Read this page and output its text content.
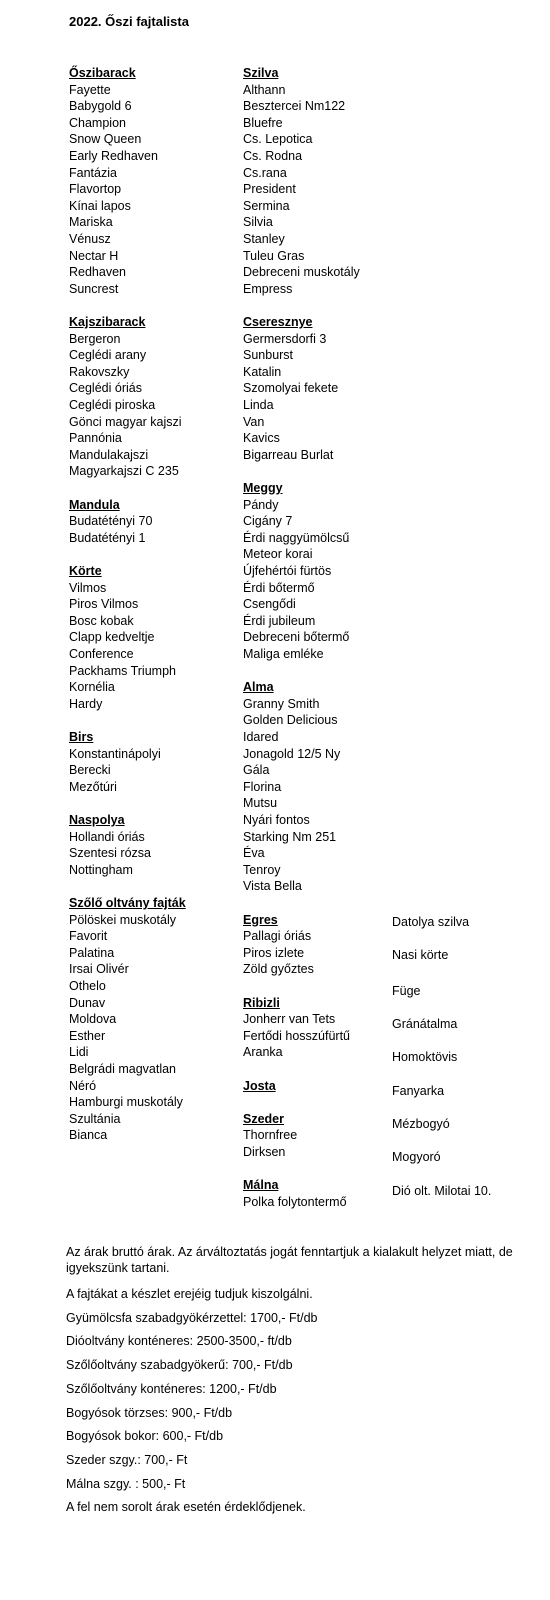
2022. Őszi fajtalista
Őszibarack
Fayette
Babygold 6
Champion
Snow Queen
Early Redhaven
Fantázia
Flavortop
Kínai lapos
Mariska
Vénusz
Nectar H
Redhaven
Suncrest
Kajszibarack
Bergeron
Ceglédi arany
Rakovszky
Ceglédi óriás
Ceglédi piroska
Gönci magyar kajszi
Pannónia
Mandulakajszi
Magyarkajszi C 235
Mandula
Budatétényi 70
Budatétényi 1
Körte
Vilmos
Piros Vilmos
Bosc kobak
Clapp kedveltje
Conference
Packhams Triumph
Kornélia
Hardy
Birs
Konstantinápolyi
Berecki
Mezőtúri
Naspolya
Hollandi óriás
Szentesi rózsa
Nottingham
Szőlő oltvány fajták
Pölöskei muskotály
Favorit
Palatina
Irsai Olivér
Othelo
Dunav
Moldova
Esther
Lidi
Belgrádi magvatlan
Néró
Hamburgi muskotály
Szultánia
Bianca
Szilva
Althann
Besztercei Nm122
Bluefre
Cs. Lepotica
Cs. Rodna
Cs.rana
President
Sermina
Silvia
Stanley
Tuleu Gras
Debreceni muskotály
Empress
Cseresznye
Germersdorfi 3
Sunburst
Katalin
Szomolyai fekete
Linda
Van
Kavics
Bigarreau Burlat
Meggy
Pándy
Cigány 7
Érdi naggyümölcsű
Meteor korai
Újfehértói fürtös
Érdi bőtermő
Csengődi
Érdi jubileum
Debreceni bőtermő
Maliga emléke
Alma
Granny Smith
Golden Delicious
Idared
Jonagold 12/5 Ny
Gála
Florina
Mutsu
Nyári fontos
Starking Nm 251
Éva
Tenroy
Vista Bella
Egres
Pallagi óriás
Piros izlete
Zöld győztes
Ribizli
Jonherr van Tets
Fertődi hosszúfürtű
Aranka
Josta
Szeder
Thornfree
Dirksen
Málna
Polka folytontermő
Datolya szilva
Nasi körte
Füge
Gránátalma
Homoktövis
Fanyarka
Mézbogyó
Mogyoró
Dió olt. Milotai 10.
Az árak bruttó árak. Az árváltoztatás jogát fenntartjuk a kialakult helyzet miatt, de igyekszünk tartani.
A fajtákat a készlet erejéig tudjuk kiszolgálni.
Gyümölcsfa szabadgyökérzettel: 1700,- Ft/db
Dióoltvány konténeres: 2500-3500,- ft/db
Szőlőoltvány szabadgyökerű: 700,- Ft/db
Szőlőoltvány konténeres: 1200,- Ft/db
Bogyósok törzses: 900,- Ft/db
Bogyósok bokor: 600,- Ft/db
Szeder szgy.: 700,- Ft
Málna szgy. : 500,- Ft
A fel nem sorolt árak esetén érdeklődjenek.
